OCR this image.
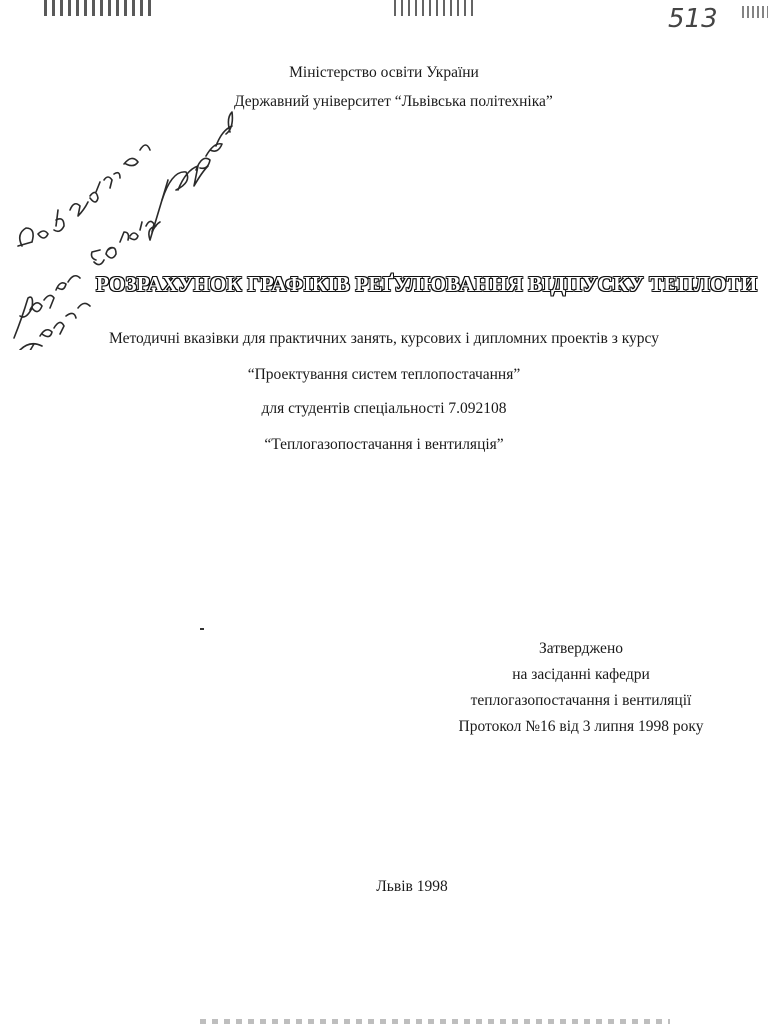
513
Міністерство освіти України
Державний університет “Львівська політехніка”
РОЗРАХУНОК ГРАФІКІВ РЕҐУЛЮВАННЯ ВІДПУСКУ ТЕПЛОТИ
Методичні вказівки для практичних занять, курсових і дипломних проектів з курсу
“Проектування систем теплопостачання”
для студентів спеціальності 7.092108
“Теплогазопостачання і вентиляція”
Затверджено
на засіданні кафедри
теплогазопостачання і вентиляції
Протокол №16 від 3 липня 1998 року
Львів 1998
